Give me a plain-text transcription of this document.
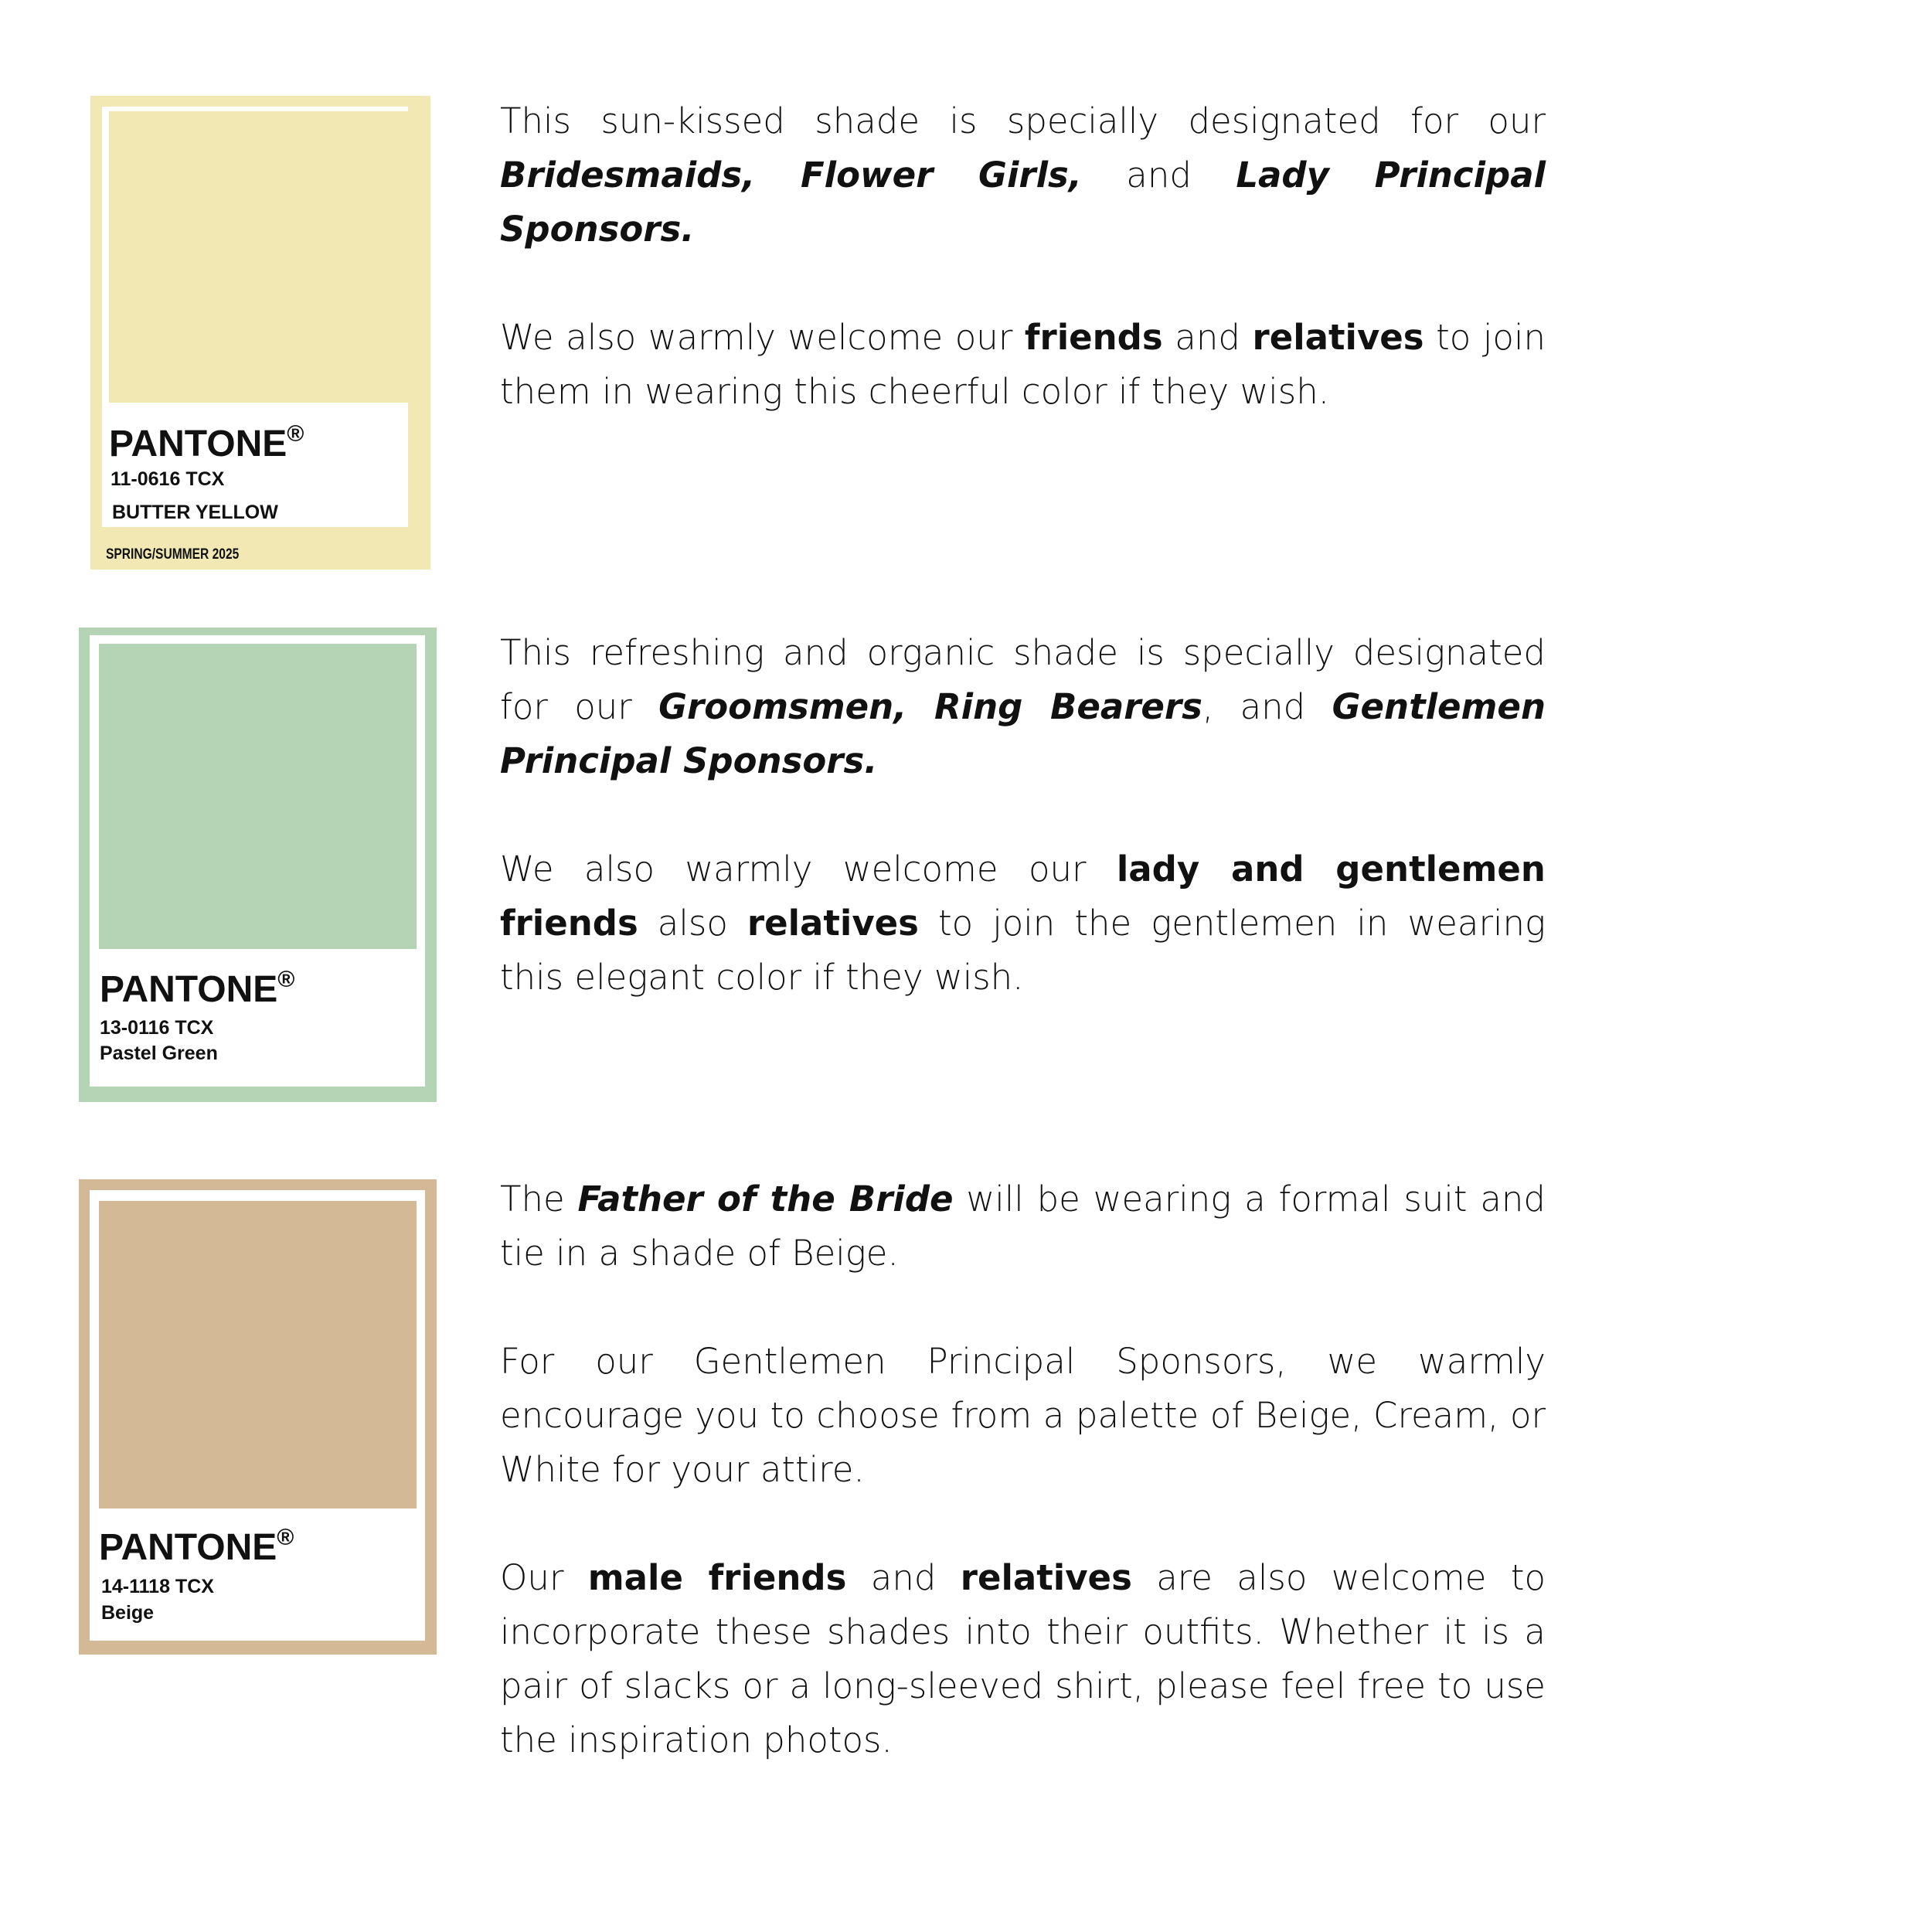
PANTONE®
11-0616 TCX
BUTTER YELLOW
SPRING/SUMMER 2025
PANTONE®
13-0116 TCX
Pastel Green
PANTONE®
14-1118 TCX
Beige

This sun-kissed shade is specially designated for our Bridesmaids, Flower Girls, and Lady Principal Sponsors.

We also warmly welcome our friends and relatives to join them in wearing this cheerful color if they wish.

This refreshing and organic shade is specially designated for our Groomsmen, Ring Bearers, and Gentlemen Principal Sponsors.

We also warmly welcome our lady and gentlemen friends also relatives to join the gentlemen in wearing this elegant color if they wish.

The Father of the Bride will be wearing a formal suit and tie in a shade of Beige.

For our Gentlemen Principal Sponsors, we warmly encourage you to choose from a palette of Beige, Cream, or White for your attire.

Our male friends and relatives are also welcome to incorporate these shades into their outfits. Whether it is a pair of slacks or a long-sleeved shirt, please feel free to use the inspiration photos.
